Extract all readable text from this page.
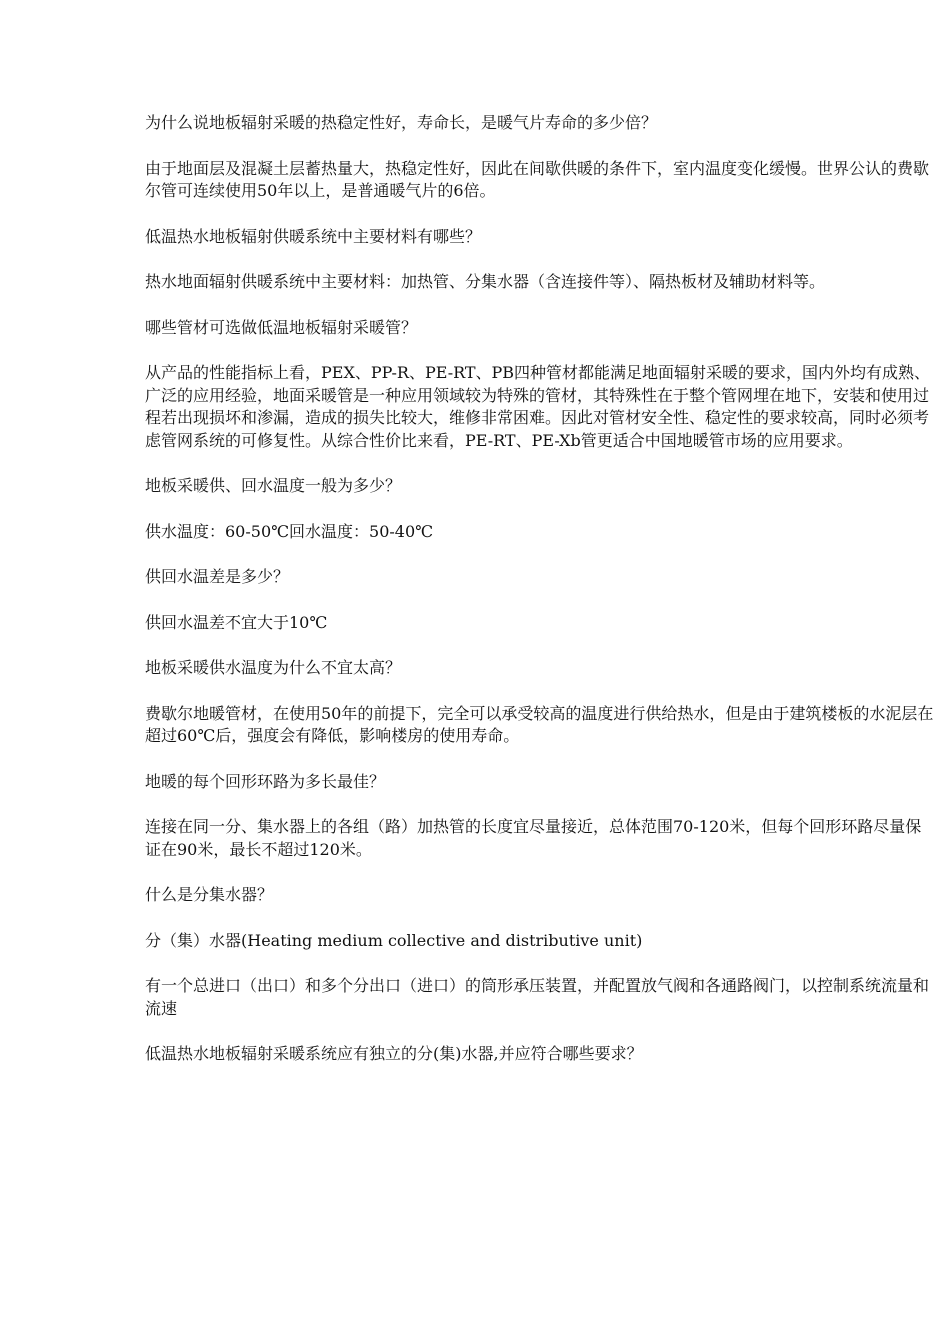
为什么说地板辐射采暖的热稳定性好，寿命长，是暖气片寿命的多少倍？

由于地面层及混凝土层蓄热量大，热稳定性好，因此在间歇供暖的条件下，室内温度变化缓慢。世界公认的费歇尔管可连续使用50年以上，是普通暖气片的6倍。

低温热水地板辐射供暖系统中主要材料有哪些？

热水地面辐射供暖系统中主要材料：加热管、分集水器（含连接件等）、隔热板材及辅助材料等。

哪些管材可选做低温地板辐射采暖管？

从产品的性能指标上看，PEX、PP-R、PE-RT、PB四种管材都能满足地面辐射采暖的要求，国内外均有成熟、广泛的应用经验，地面采暖管是一种应用领域较为特殊的管材，其特殊性在于整个管网埋在地下，安装和使用过程若出现损坏和渗漏，造成的损失比较大，维修非常困难。因此对管材安全性、稳定性的要求较高，同时必须考虑管网系统的可修复性。从综合性价比来看，PE-RT、PE-Xb管更适合中国地暖管市场的应用要求。

地板采暖供、回水温度一般为多少？

供水温度：60-50℃回水温度：50-40℃

供回水温差是多少？

供回水温差不宜大于10℃

地板采暖供水温度为什么不宜太高？

费歇尔地暖管材，在使用50年的前提下，完全可以承受较高的温度进行供给热水，但是由于建筑楼板的水泥层在超过60℃后，强度会有降低，影响楼房的使用寿命。

地暖的每个回形环路为多长最佳？

连接在同一分、集水器上的各组（路）加热管的长度宜尽量接近，总体范围70-120米，但每个回形环路尽量保证在90米，最长不超过120米。

什么是分集水器？

分（集）水器(Heating medium collective and distributive unit)

有一个总进口（出口）和多个分出口（进口）的筒形承压装置，并配置放气阀和各通路阀门，以控制系统流量和流速

低温热水地板辐射采暖系统应有独立的分(集)水器,并应符合哪些要求？
